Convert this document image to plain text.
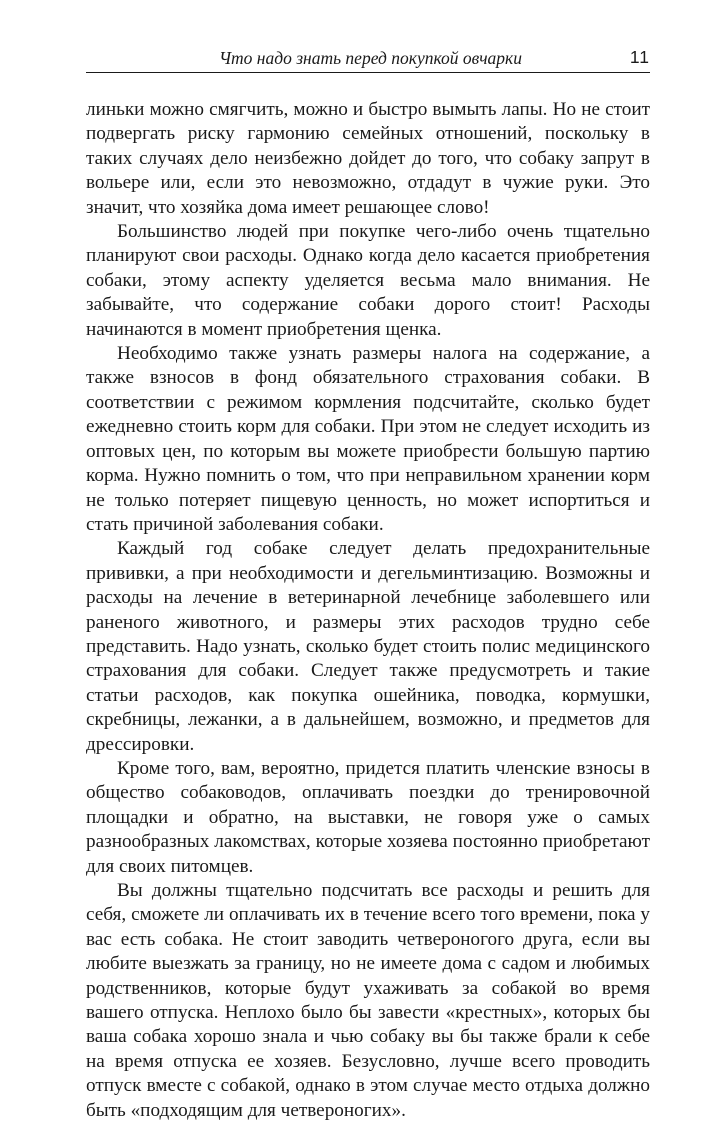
Что надо знать перед покупкой овчарки	11

линьки можно смягчить, можно и быстро вымыть лапы. Но не стоит подвергать риску гармонию семейных отношений, поскольку в таких случаях дело неизбежно дойдет до того, что собаку запрут в вольере или, если это невозможно, отдадут в чужие руки. Это значит, что хозяйка дома имеет решающее слово!

Большинство людей при покупке чего-либо очень тщательно планируют свои расходы. Однако когда дело касается приобретения собаки, этому аспекту уделяется весьма мало внимания. Не забывайте, что содержание собаки дорого стоит! Расходы начинаются в момент приобретения щенка.

Необходимо также узнать размеры налога на содержание, а также взносов в фонд обязательного страхования собаки. В соответствии с режимом кормления подсчитайте, сколько будет ежедневно стоить корм для собаки. При этом не следует исходить из оптовых цен, по которым вы можете приобрести большую партию корма. Нужно помнить о том, что при неправильном хранении корм не только потеряет пищевую ценность, но может испортиться и стать причиной заболевания собаки.

Каждый год собаке следует делать предохранительные прививки, а при необходимости и дегельминтизацию. Возможны и расходы на лечение в ветеринарной лечебнице заболевшего или раненого животного, и размеры этих расходов трудно себе представить. Надо узнать, сколько будет стоить полис медицинского страхования для собаки. Следует также предусмотреть и такие статьи расходов, как покупка ошейника, поводка, кормушки, скребницы, лежанки, а в дальнейшем, возможно, и предметов для дрессировки.

Кроме того, вам, вероятно, придется платить членские взносы в общество собаководов, оплачивать поездки до тренировочной площадки и обратно, на выставки, не говоря уже о самых разнообразных лакомствах, которые хозяева постоянно приобретают для своих питомцев.

Вы должны тщательно подсчитать все расходы и решить для себя, сможете ли оплачивать их в течение всего того времени, пока у вас есть собака. Не стоит заводить четвероногого друга, если вы любите выезжать за границу, но не имеете дома с садом и любимых родственников, которые будут ухаживать за собакой во время вашего отпуска. Неплохо было бы завести «крестных», которых бы ваша собака хорошо знала и чью собаку вы бы также брали к себе на время отпуска ее хозяев. Безусловно, лучше всего проводить отпуск вместе с собакой, однако в этом случае место отдыха должно быть «подходящим для четвероногих».
